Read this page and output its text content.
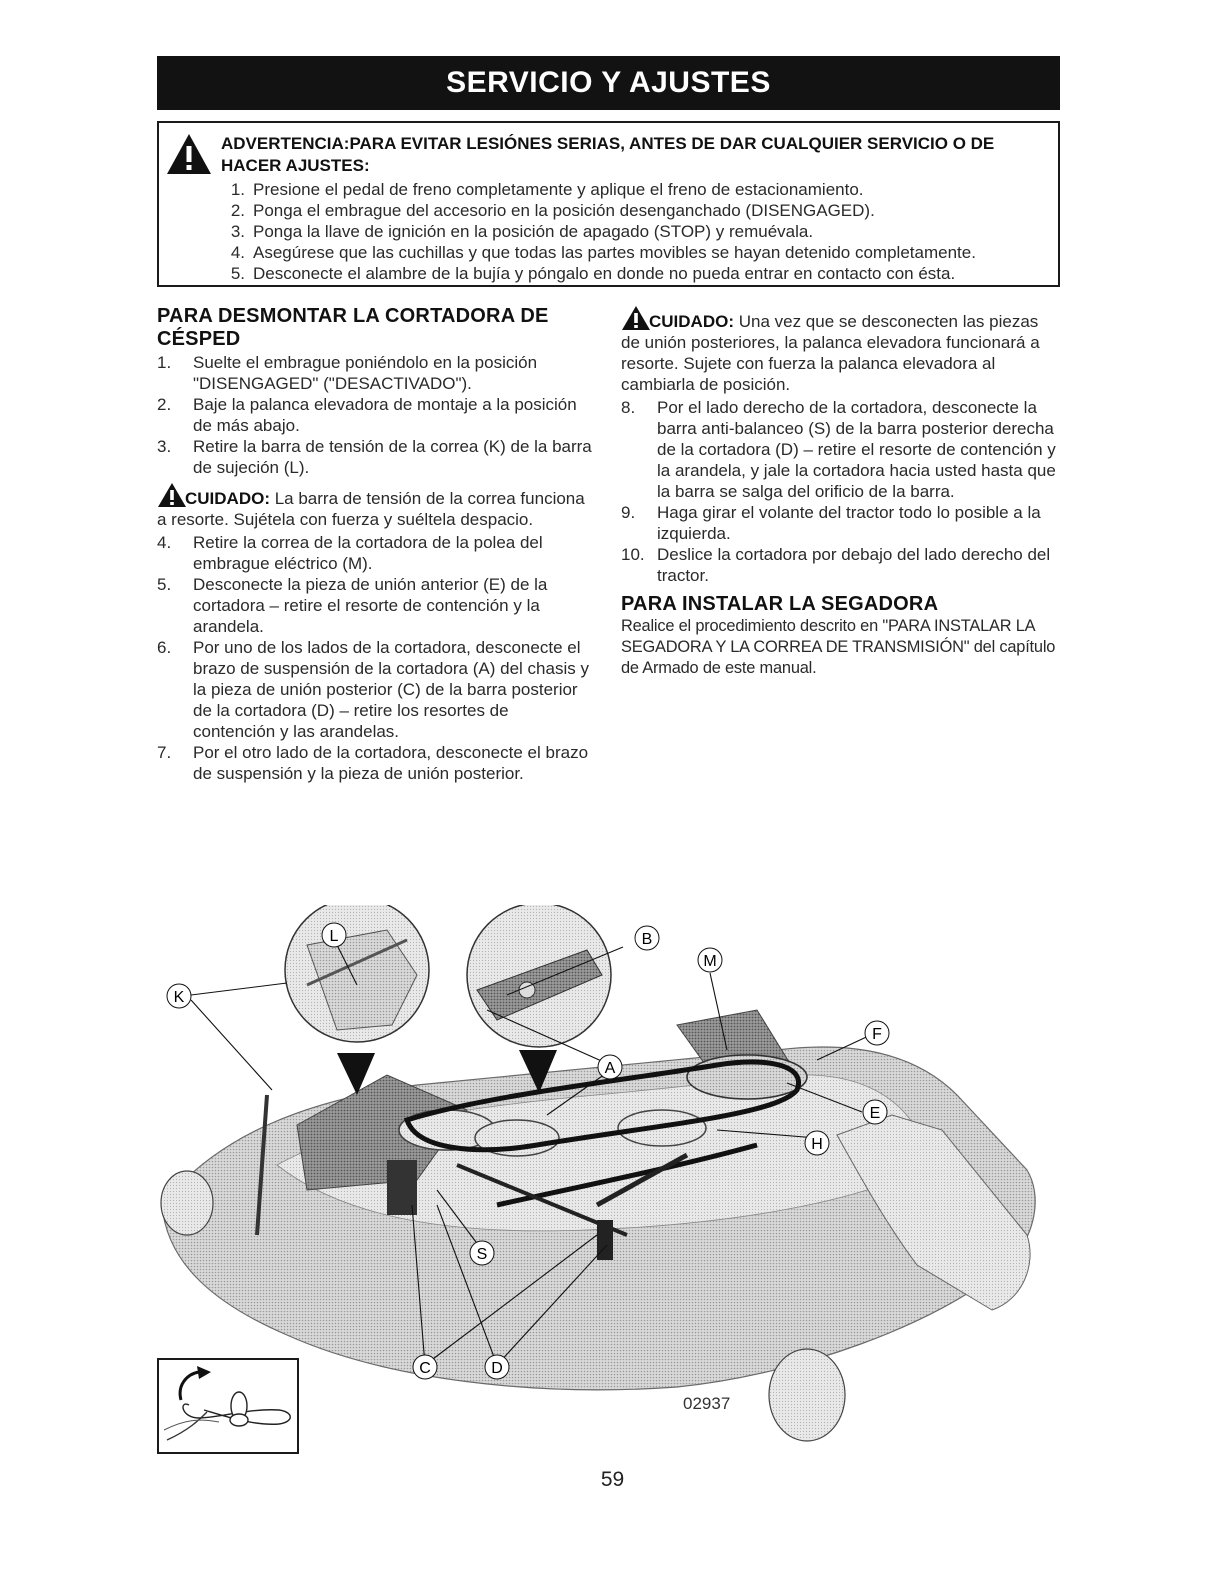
SERVICIO Y AJUSTES
ADVERTENCIA:PARA EVITAR LESIÓNES SERIAS, ANTES DE DAR CUALQUIER SERVICIO O DE HACER AJUSTES:
1. Presione el pedal de freno completamente y aplique el freno de estacionamiento.
2. Ponga el embrague del accesorio en la posición desenganchado (DISENGAGED).
3. Ponga la llave de ignición en la posición de apagado (STOP) y remuévala.
4. Asegúrese que las cuchillas y que todas las partes movibles se hayan detenido completamente.
5. Desconecte el alambre de la bujía y póngalo en donde no pueda entrar en contacto con ésta.
PARA DESMONTAR LA CORTADORA DE CÉSPED
1.	Suelte el embrague poniéndolo en la posición "DISENGAGED" ("DESACTIVADO").
2.	Baje la palanca elevadora de montaje a la posición de más abajo.
3.	Retire la barra de tensión de la correa (K) de la barra de sujeción (L).

CUIDADO: La barra de tensión de la correa funciona a resorte. Sujétela con fuerza y suéltela despacio.

4.	Retire la correa de la cortadora de la polea del embrague eléctrico (M).
5.	Desconecte la pieza de unión anterior (E) de la cortadora – retire el resorte de contención y la arandela.
6.	Por uno de los lados de la cortadora, desconecte el brazo de suspensión de la cortadora (A) del chasis y la pieza de unión posterior (C) de la barra posterior de la cortadora (D) – retire los resortes de contención y las arandelas.
7.	Por el otro lado de la cortadora, desconecte el brazo de suspensión y la pieza de unión posterior.

CUIDADO: Una vez que se desconecten las piezas de unión posteriores, la palanca elevadora funcionará a resorte. Sujete con fuerza la palanca elevadora al cambiarla de posición.

8.	Por el lado derecho de la cortadora, desconecte la barra anti-balanceo (S) de la barra posterior derecha de la cortadora (D) – retire el resorte de contención y la arandela, y jale la cortadora hacia usted hasta que la barra se salga del orificio de la barra.
9.	Haga girar el volante del tractor todo lo posible a la izquierda.
10. Deslice la cortadora por debajo del lado derecho del tractor.
PARA INSTALAR LA SEGADORA

Realice el procedimiento descrito en "PARA INSTALAR LA SEGADORA Y LA CORREA DE TRANSMISIÓN" del capítulo de Armado de este manual.

L	B
M
K
F
A
E
H
S
C	D
02937
59
